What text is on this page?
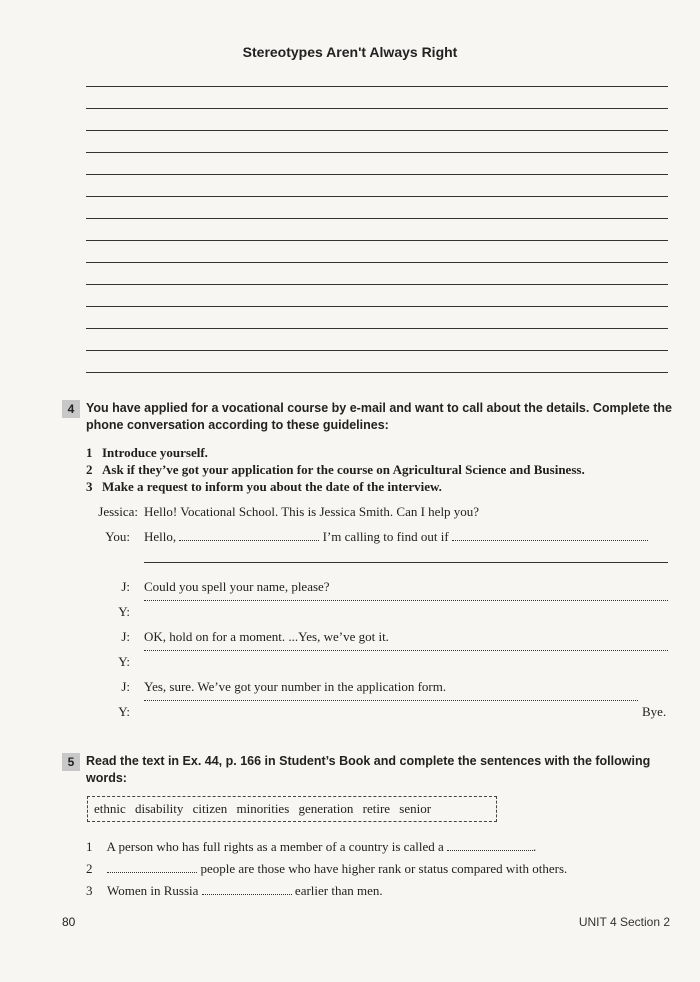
Stereotypes Aren't Always Right
4 You have applied for a vocational course by e-mail and want to call about the details. Complete the phone conversation according to these guidelines:
1 Introduce yourself.
2 Ask if they’ve got your application for the course on Agricultural Science and Business.
3 Make a request to inform you about the date of the interview.
Jessica: Hello! Vocational School. This is Jessica Smith. Can I help you?
You: Hello,	I’m calling to find out if
J: Could you spell your name, please?
Y:
J: OK, hold on for a moment. ...Yes, we’ve got it.
Y:
J: Yes, sure. We’ve got your number in the application form.
Y:	Bye.
5 Read the text in Ex. 44, p. 166 in Student’s Book and complete the sentences with the following words:
ethnic disability citizen minorities generation retire senior
1 A person who has full rights as a member of a country is called a	.
2	people are those who have higher rank or status compared with others.
3 Women in Russia	earlier than men.
80	UNIT 4 Section 2
